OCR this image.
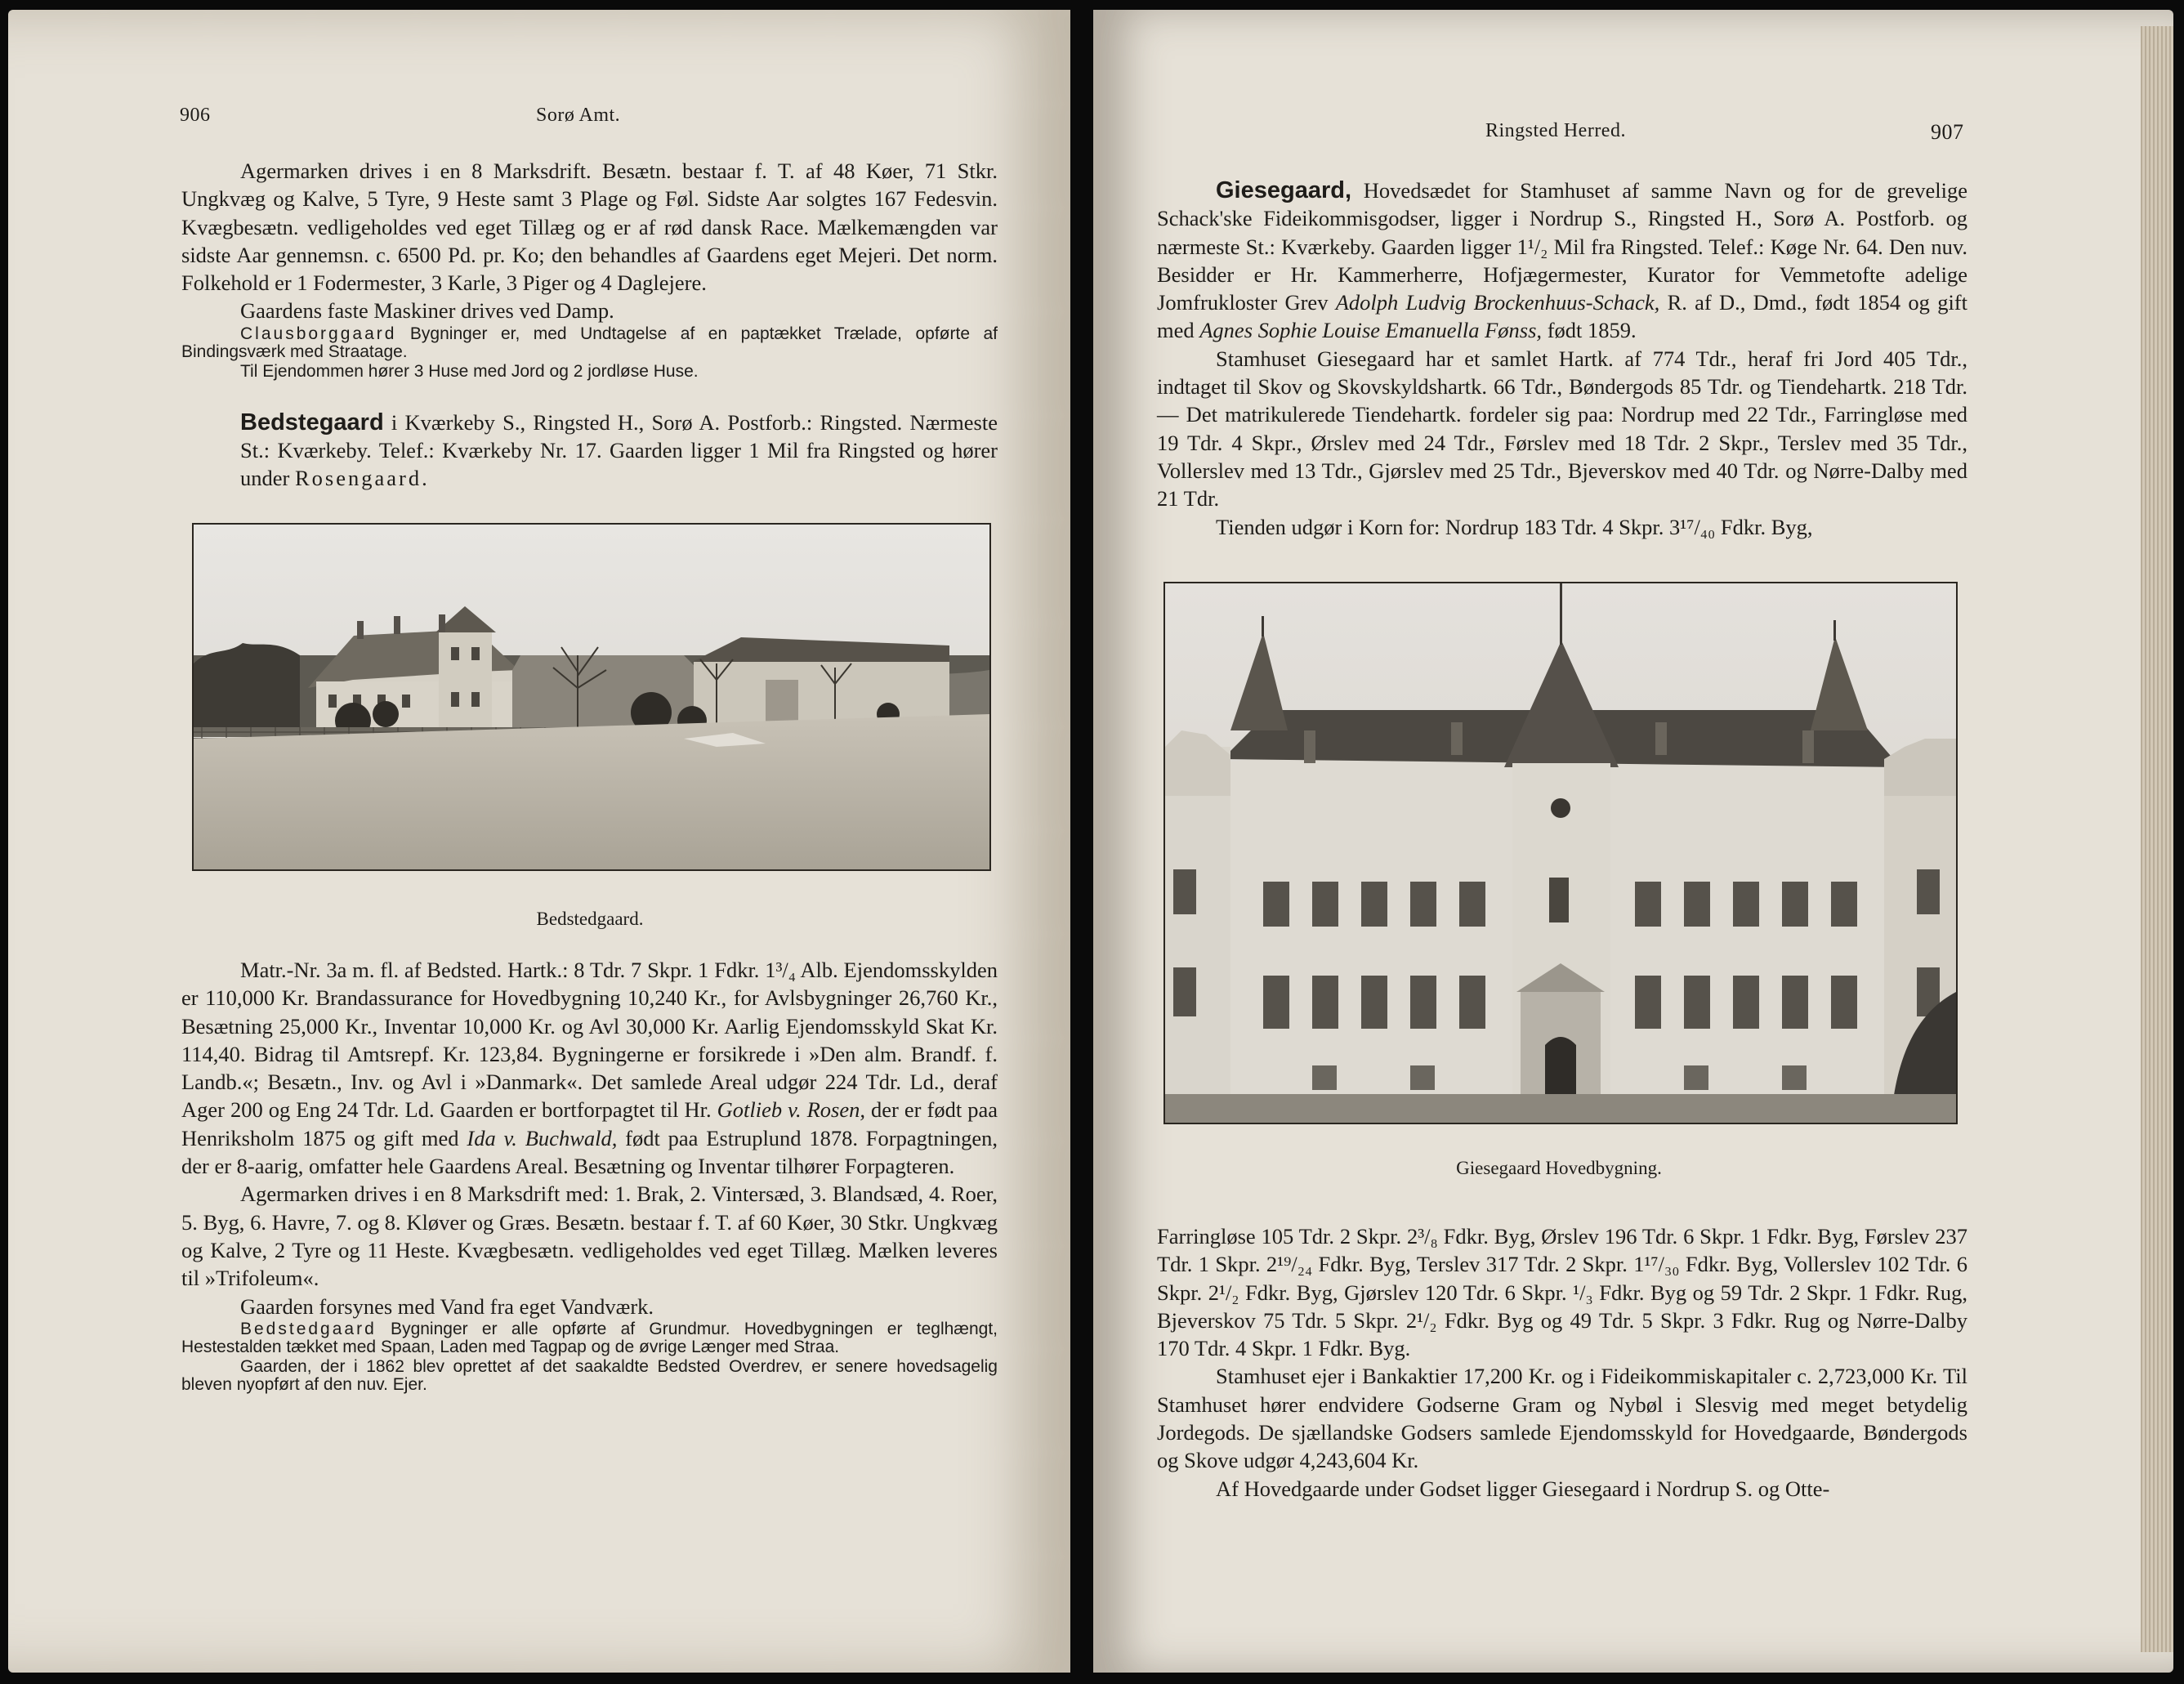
906	Sorø Amt.

Agermarken drives i en 8 Marksdrift. Besætn. bestaar f. T. af 48 Køer, 71 Stkr. Ungkvæg og Kalve, 5 Tyre, 9 Heste samt 3 Plage og Føl. Sidste Aar solgtes 167 Fedesvin. Kvægbesætn. vedligeholdes ved eget Tillæg og er af rød dansk Race. Mælkemængden var sidste Aar gennemsn. c. 6500 Pd. pr. Ko; den behandles af Gaardens eget Mejeri. Det norm. Folkehold er 1 Fodermester, 3 Karle, 3 Piger og 4 Daglejere.

Gaardens faste Maskiner drives ved Damp.

Clausborggaard Bygninger er, med Undtagelse af en paptækket Trælade, opførte af Bindingsværk med Straatage.

Til Ejendommen hører 3 Huse med Jord og 2 jordløse Huse.

Bedstegaard i Kværkeby S., Ringsted H., Sorø A. Postforb.: Ringsted. Nærmeste St.: Kværkeby. Telef.: Kværkeby Nr. 17. Gaarden ligger 1 Mil fra Ringsted og hører under Rosengaard.

Bedstedgaard.

Matr.-Nr. 3a m. fl. af Bedsted. Hartk.: 8 Tdr. 7 Skpr. 1 Fdkr. 1³/₄ Alb. Ejendomsskylden er 110,000 Kr. Brandassurance for Hovedbygning 10,240 Kr., for Avlsbygninger 26,760 Kr., Besætning 25,000 Kr., Inventar 10,000 Kr. og Avl 30,000 Kr. Aarlig Ejendomsskyld Skat Kr. 114,40. Bidrag til Amtsrepf. Kr. 123,84. Bygningerne er forsikrede i »Den alm. Brandf. f. Landb.«; Besætn., Inv. og Avl i »Danmark«. Det samlede Areal udgør 224 Tdr. Ld., deraf Ager 200 og Eng 24 Tdr. Ld. Gaarden er bortforpagtet til Hr. Gotlieb v. Rosen, der er født paa Henriksholm 1875 og gift med Ida v. Buchwald, født paa Estruplund 1878. Forpagtningen, der er 8-aarig, omfatter hele Gaardens Areal. Besætning og Inventar tilhører Forpagteren.

Agermarken drives i en 8 Marksdrift med: 1. Brak, 2. Vintersæd, 3. Blandsæd, 4. Roer, 5. Byg, 6. Havre, 7. og 8. Kløver og Græs. Besætn. bestaar f. T. af 60 Køer, 30 Stkr. Ungkvæg og Kalve, 2 Tyre og 11 Heste. Kvægbesætn. vedligeholdes ved eget Tillæg. Mælken leveres til »Trifoleum«.

Gaarden forsynes med Vand fra eget Vandværk.

Bedstedgaard Bygninger er alle opførte af Grundmur. Hovedbygningen er teglhængt, Hestestalden tækket med Spaan, Laden med Tagpap og de øvrige Længer med Straa.

Gaarden, der i 1862 blev oprettet af det saakaldte Bedsted Overdrev, er senere hovedsagelig bleven nyopført af den nuv. Ejer.

Ringsted Herred.	907

Giesegaard, Hovedsædet for Stamhuset af samme Navn og for de grevelige Schack'ske Fideikommisgodser, ligger i Nordrup S., Ringsted H., Sorø A. Postforb. og nærmeste St.: Kværkeby. Gaarden ligger 1¹/₂ Mil fra Ringsted. Telef.: Køge Nr. 64. Den nuv. Besidder er Hr. Kammerherre, Hofjægermester, Kurator for Vemmetofte adelige Jomfrukloster Grev Adolph Ludvig Brockenhuus-Schack, R. af D., Dmd., født 1854 og gift med Agnes Sophie Louise Emanuella Fønss, født 1859.

Stamhuset Giesegaard har et samlet Hartk. af 774 Tdr., heraf fri Jord 405 Tdr., indtaget til Skov og Skovskyldshartk. 66 Tdr., Bøndergods 85 Tdr. og Tiendehartk. 218 Tdr. — Det matrikulerede Tiendehartk. fordeler sig paa: Nordrup med 22 Tdr., Farringløse med 19 Tdr. 4 Skpr., Ørslev med 24 Tdr., Førslev med 18 Tdr. 2 Skpr., Terslev med 35 Tdr., Vollerslev med 13 Tdr., Gjørslev med 25 Tdr., Bjeverskov med 40 Tdr. og Nørre-Dalby med 21 Tdr.

Tienden udgør i Korn for: Nordrup 183 Tdr. 4 Skpr. 3¹⁷/₄₀ Fdkr. Byg,

Giesegaard Hovedbygning.

Farringløse 105 Tdr. 2 Skpr. 2³/₈ Fdkr. Byg, Ørslev 196 Tdr. 6 Skpr. 1 Fdkr. Byg, Førslev 237 Tdr. 1 Skpr. 2¹⁹/₂₄ Fdkr. Byg, Terslev 317 Tdr. 2 Skpr. 1¹⁷/₃₀ Fdkr. Byg, Vollerslev 102 Tdr. 6 Skpr. 2¹/₂ Fdkr. Byg, Gjørslev 120 Tdr. 6 Skpr. ¹/₃ Fdkr. Byg og 59 Tdr. 2 Skpr. 1 Fdkr. Rug, Bjeverskov 75 Tdr. 5 Skpr. 2¹/₂ Fdkr. Byg og 49 Tdr. 5 Skpr. 3 Fdkr. Rug og Nørre-Dalby 170 Tdr. 4 Skpr. 1 Fdkr. Byg.

Stamhuset ejer i Bankaktier 17,200 Kr. og i Fideikommiskapitaler c. 2,723,000 Kr. Til Stamhuset hører endvidere Godserne Gram og Nybøl i Slesvig med meget betydelig Jordegods. De sjællandske Godsers samlede Ejendomsskyld for Hovedgaarde, Bøndergods og Skove udgør 4,243,604 Kr.

Af Hovedgaarde under Godset ligger Giesegaard i Nordrup S. og Otte-
